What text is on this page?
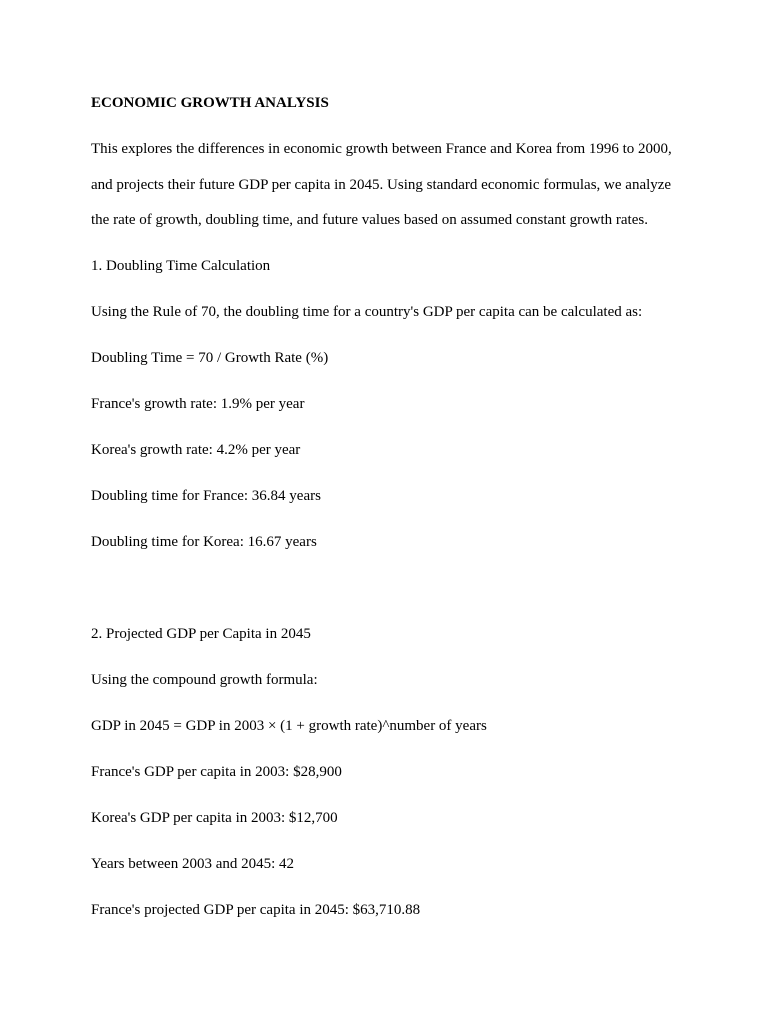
ECONOMIC GROWTH ANALYSIS
This explores the differences in economic growth between France and Korea from 1996 to 2000,
and projects their future GDP per capita in 2045. Using standard economic formulas, we analyze
the rate of growth, doubling time, and future values based on assumed constant growth rates.
1. Doubling Time Calculation
Using the Rule of 70, the doubling time for a country's GDP per capita can be calculated as:
Doubling Time = 70 / Growth Rate (%)
France's growth rate: 1.9% per year
Korea's growth rate: 4.2% per year
Doubling time for France: 36.84 years
Doubling time for Korea: 16.67 years
2. Projected GDP per Capita in 2045
Using the compound growth formula:
GDP in 2045 = GDP in 2003 × (1 + growth rate)^number of years
France's GDP per capita in 2003: $28,900
Korea's GDP per capita in 2003: $12,700
Years between 2003 and 2045: 42
France's projected GDP per capita in 2045: $63,710.88
